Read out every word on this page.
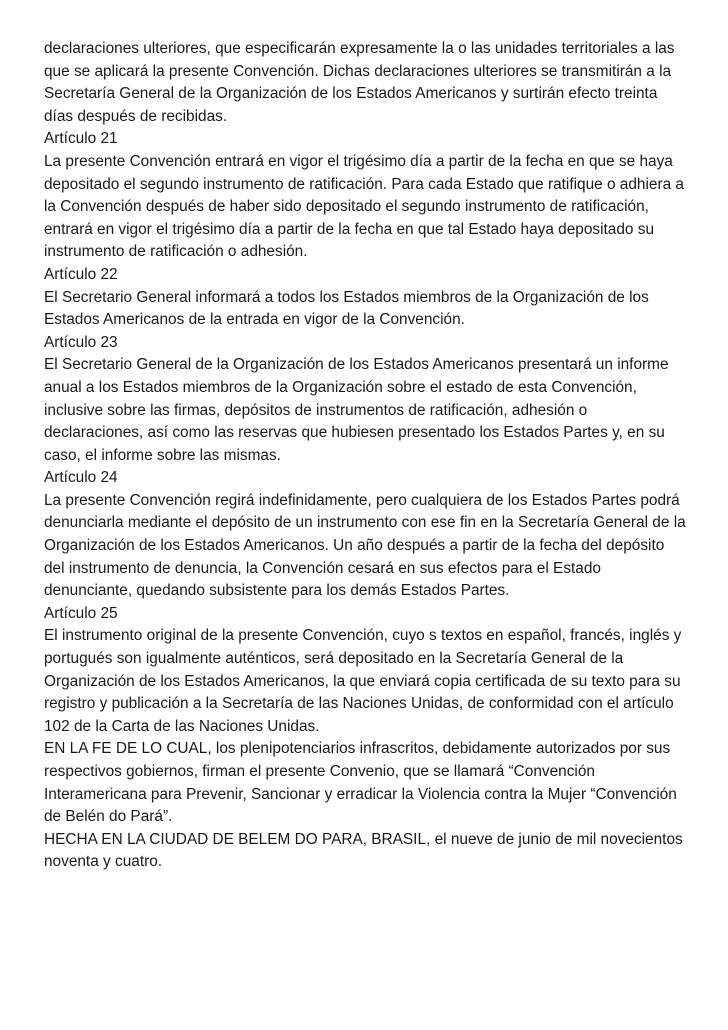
declaraciones ulteriores, que especificarán expresamente la o las unidades territoriales a las que se aplicará la presente Convención. Dichas declaraciones ulteriores se transmitirán a la Secretaría General de la Organización de los Estados Americanos y surtirán efecto treinta días después de recibidas.

Artículo 21

La presente Convención entrará en vigor el trigésimo día a partir de la fecha en que se haya depositado el segundo instrumento de ratificación. Para cada Estado que ratifique o adhiera a la Convención después de haber sido depositado el segundo instrumento de ratificación, entrará en vigor el trigésimo día a partir de la fecha en que tal Estado haya depositado su instrumento de ratificación o adhesión.

Artículo 22

El Secretario General informará a todos los Estados miembros de la Organización de los Estados Americanos de la entrada en vigor de la Convención.

Artículo 23

El Secretario General de la Organización de los Estados Americanos presentará un informe anual a los Estados miembros de la Organización sobre el estado de esta Convención, inclusive sobre las firmas, depósitos de instrumentos de ratificación, adhesión o declaraciones, así como las reservas que hubiesen presentado los Estados Partes y, en su caso, el informe sobre las mismas.

Artículo 24

La presente Convención regirá indefinidamente, pero cualquiera de los Estados Partes podrá denunciarla mediante el depósito de un instrumento con ese fin en la Secretaría General de la Organización de los Estados Americanos. Un año después a partir de la fecha del depósito del instrumento de denuncia, la Convención cesará en sus efectos para el Estado denunciante, quedando subsistente para los demás Estados Partes.

Artículo 25

El instrumento original de la presente Convención, cuyo s textos en español, francés, inglés y portugués son igualmente auténticos, será depositado en la Secretaría General de la Organización de los Estados Americanos, la que enviará copia certificada de su texto para su registro y publicación a la Secretaría de las Naciones Unidas, de conformidad con el artículo 102 de la Carta de las Naciones Unidas.

EN LA FE DE LO CUAL, los plenipotenciarios infrascritos, debidamente autorizados por sus respectivos gobiernos, firman el presente Convenio, que se llamará “Convención Interamericana para Prevenir, Sancionar y erradicar la Violencia contra la Mujer “Convención de Belén do Pará”.

HECHA EN LA CIUDAD DE BELEM DO PARA, BRASIL, el nueve de junio de mil novecientos noventa y cuatro.
